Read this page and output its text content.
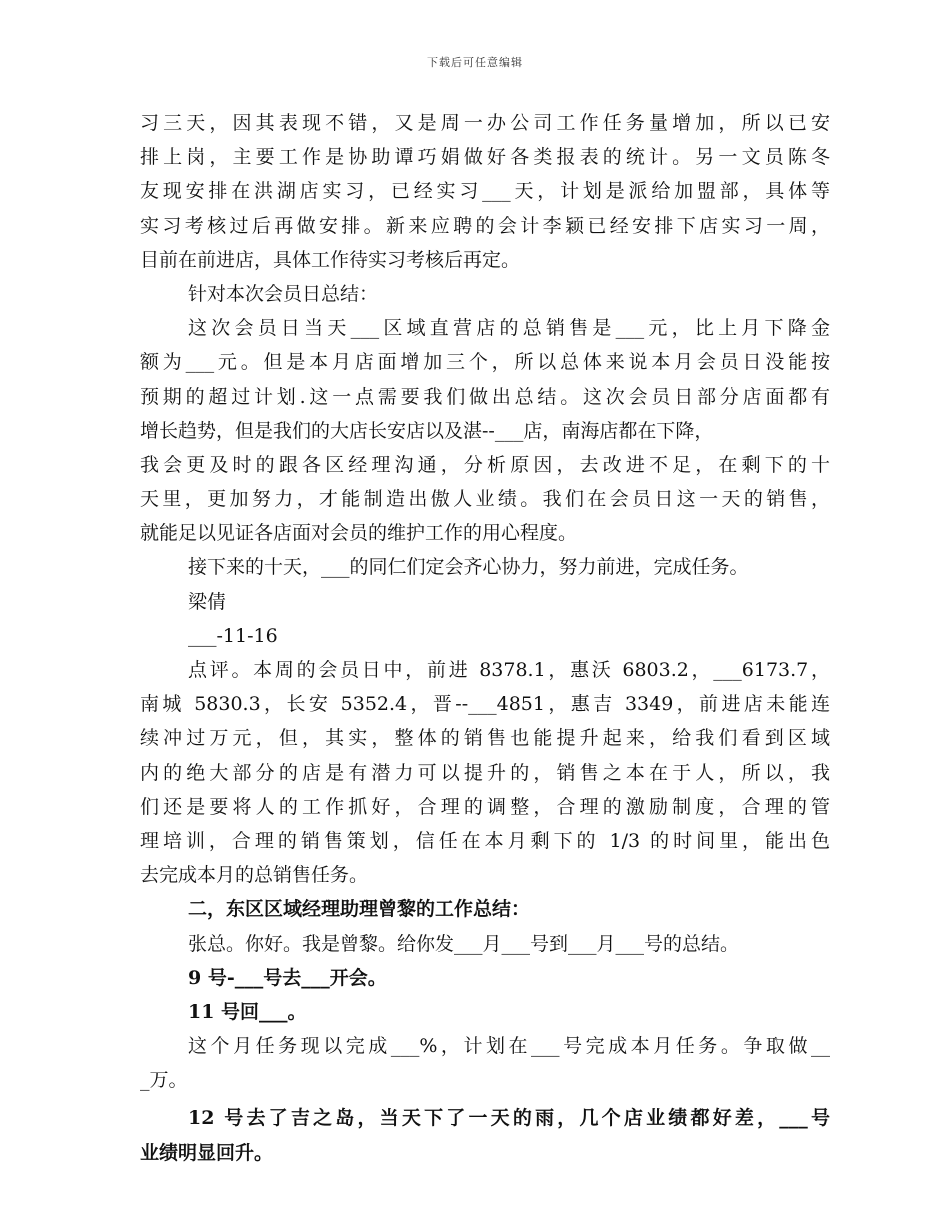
下载后可任意编辑
习三天，因其表现不错，又是周一办公司工作任务量增加，所以已安
排上岗，主要工作是协助谭巧娟做好各类报表的统计。另一文员陈冬
友现安排在洪湖店实习，已经实习___天，计划是派给加盟部，具体等
实习考核过后再做安排。新来应聘的会计李颖已经安排下店实习一周，
目前在前进店，具体工作待实习考核后再定。
针对本次会员日总结：
这次会员日当天___区域直营店的总销售是___元，比上月下降金
额为___元。但是本月店面增加三个，所以总体来说本月会员日没能按
预期的超过计划.这一点需要我们做出总结。这次会员日部分店面都有
增长趋势，但是我们的大店长安店以及湛--___店，南海店都在下降，
我会更及时的跟各区经理沟通，分析原因，去改进不足，在剩下的十
天里，更加努力，才能制造出傲人业绩。我们在会员日这一天的销售，
就能足以见证各店面对会员的维护工作的用心程度。
接下来的十天，___的同仁们定会齐心协力，努力前进，完成任务。
梁倩
___-11-16
点评。本周的会员日中，前进 8378.1，惠沃 6803.2，___6173.7，
南城 5830.3，长安 5352.4，晋--___4851，惠吉 3349，前进店未能连
续冲过万元，但，其实，整体的销售也能提升起来，给我们看到区域
内的绝大部分的店是有潜力可以提升的，销售之本在于人，所以，我
们还是要将人的工作抓好，合理的调整，合理的激励制度，合理的管
理培训，合理的销售策划，信任在本月剩下的 1/3 的时间里，能出色
去完成本月的总销售任务。
二，东区区域经理助理曾黎的工作总结：
张总。你好。我是曾黎。给你发___月___号到___月___号的总结。
9 号-___号去___开会。
11 号回___。
这个月任务现以完成___%，计划在___号完成本月任务。争取做__
_万。
12 号去了吉之岛，当天下了一天的雨，几个店业绩都好差，___号
业绩明显回升。
